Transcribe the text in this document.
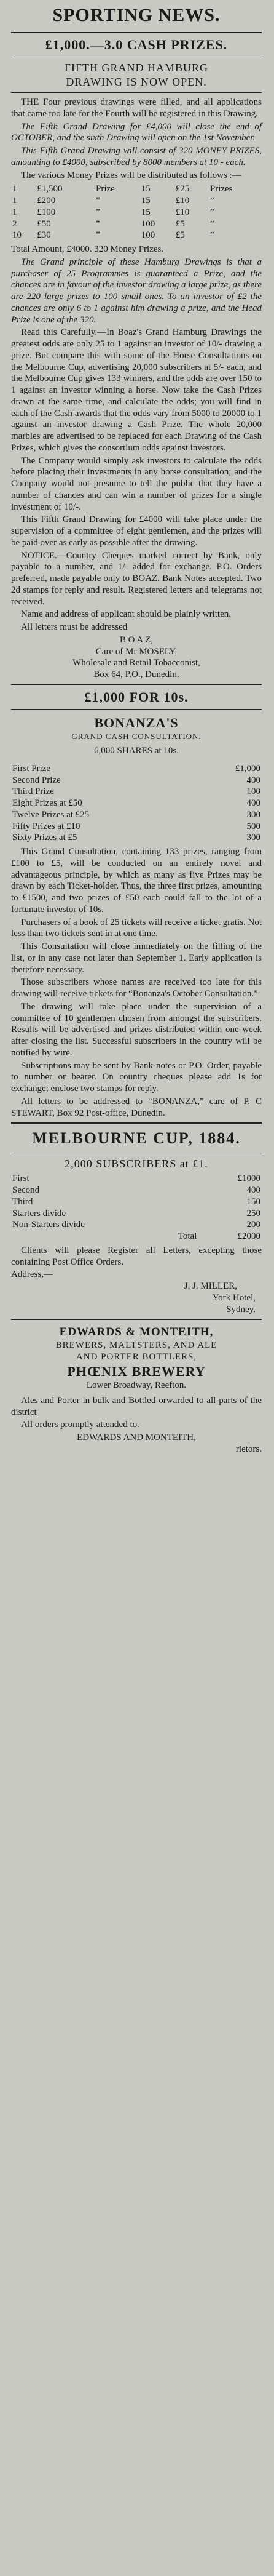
SPORTING NEWS.
£1,000.—3.0 CASH PRIZES.
FIFTH GRAND HAMBURG
DRAWING IS NOW OPEN.

THE Four previous drawings were filled, and all applications that came too late for the Fourth will be registered in this Drawing.

The Fifth Grand Drawing for £4,000 will close the end of OCTOBER, and the sixth Drawing will open on the 1st November.

This Fifth Grand Drawing will consist of 320 MONEY PRIZES, amounting to £4000, subscribed by 8000 members at 10 - each.

The various Money Prizes will be distributed as follows :—

1	£1,500	Prize	15	£25	Prizes
1	£200	”	15	£10	”
1	£100	”	15	£10	”
2	£50	”	100	£5	”
10	£30	”	100	£5	”

Total Amount, £4000. 320 Money Prizes.

The Grand principle of these Hamburg Drawings is that a purchaser of 25 Programmes is guaranteed a Prize, and the chances are in favour of the investor drawing a large prize, as there are 220 large prizes to 100 small ones. To an investor of £2 the chances are only 6 to 1 against him drawing a prize, and the Head Prize is one of the 320.

Read this Carefully.—In Boaz's Grand Hamburg Drawings the greatest odds are only 25 to 1 against an investor of 10/- drawing a prize. But compare this with some of the Horse Consultations on the Melbourne Cup, advertising 20,000 subscribers at 5/- each, and the Melbourne Cup gives 133 winners, and the odds are over 150 to 1 against an investor winning a horse. Now take the Cash Prizes drawn at the same time, and calculate the odds; you will find in each of the Cash awards that the odds vary from 5000 to 20000 to 1 against an investor drawing a Cash Prize. The whole 20,000 marbles are advertised to be replaced for each Drawing of the Cash Prizes, which gives the consortium odds against investors.

The Company would simply ask investors to calculate the odds before placing their investments in any horse consultation; and the Company would not presume to tell the public that they have a number of chances and can win a number of prizes for a single investment of 10/-.

This Fifth Grand Drawing for £4000 will take place under the supervision of a committee of eight gentlemen, and the prizes will be paid over as early as possible after the drawing.

NOTICE.—Country Cheques marked correct by Bank, only payable to a number, and 1/- added for exchange. P.O. Orders preferred, made payable only to BOAZ. Bank Notes accepted. Two 2d stamps for reply and result. Registered letters and telegrams not received.

Name and address of applicant should be plainly written.

All letters must be addressed

B O A Z,
Care of Mr MOSELY,
Wholesale and Retail Tobacconist,
Box 64, P.O., Dunedin.
£1,000 FOR 10s.
BONANZA'S
GRAND CASH CONSULTATION.
6,000 SHARES at 10s.
First Prize	£1,000
Second Prize	400
Third Prize	100
Eight Prizes at £50	400
Twelve Prizes at £25	300
Fifty Prizes at £10	500
Sixty Prizes at £5	300

This Grand Consultation, containing 133 prizes, ranging from £100 to £5, will be conducted on an entirely novel and advantageous principle, by which as many as five Prizes may be drawn by each Ticket-holder. Thus, the three first prizes, amounting to £1500, and two prizes of £50 each could fall to the lot of a fortunate investor of 10s.

Purchasers of a book of 25 tickets will receive a ticket gratis. Not less than two tickets sent in at one time.

This Consultation will close immediately on the filling of the list, or in any case not later than September 1. Early application is therefore necessary.

Those subscribers whose names are received too late for this drawing will receive tickets for “Bonanza's October Consultation.”

The drawing will take place under the supervision of a committee of 10 gentlemen chosen from amongst the subscribers. Results will be advertised and prizes distributed within one week after closing the list. Successful subscribers in the country will be notified by wire.

Subscriptions may be sent by Bank-notes or P.O. Order, payable to number or bearer. On country cheques please add 1s for exchange; enclose two stamps for reply.

All letters to be addressed to “BONANZA,” care of P. C STEWART, Box 92 Post-office, Dunedin.

MELBOURNE CUP, 1884.
2,000 SUBSCRIBERS at £1.
First	£1000
Second	400
Third	150
Starters divide	250
Non-Starters divide	200
Total	£2000

Clients will please Register all Letters, excepting those containing Post Office Orders.

Address,—
J. J. MILLER,
York Hotel,
Sydney.
EDWARDS & MONTEITH,
BREWERS, MALTSTERS, AND ALE
AND PORTER BOTTLERS,
PHŒNIX BREWERY
Lower Broadway, Reefton.

Ales and Porter in bulk and Bottled orwarded to all parts of the district

All orders promptly attended to.

EDWARDS AND MONTEITH,
rietors.
